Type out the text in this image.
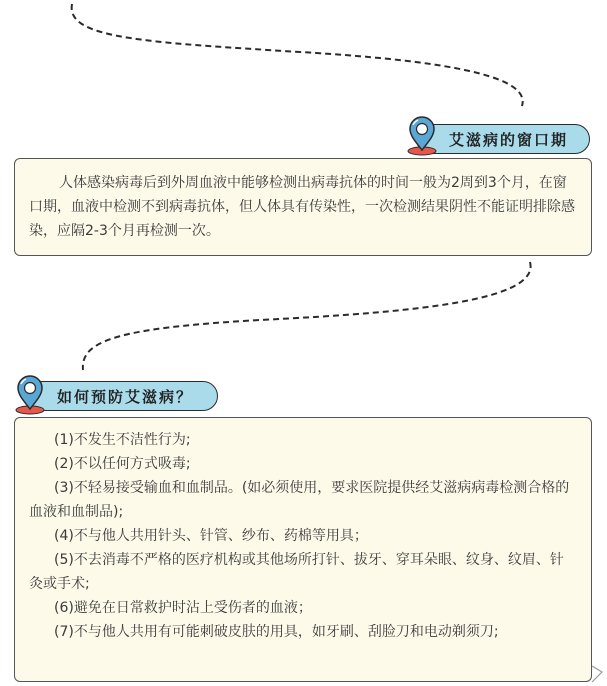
艾滋病的窗口期

人体感染病毒后到外周血液中能够检测出病毒抗体的时间一般为2周到3个月，在窗口期，血液中检测不到病毒抗体，但人体具有传染性，一次检测结果阴性不能证明排除感染，应隔2-3个月再检测一次。

如何预防艾滋病？

(1)不发生不洁性行为;

(2)不以任何方式吸毒;

(3)不轻易接受输血和血制品。(如必须使用，要求医院提供经艾滋病病毒检测合格的血液和血制品);

(4)不与他人共用针头、针管、纱布、药棉等用具；

(5)不去消毒不严格的医疗机构或其他场所打针、拔牙、穿耳朵眼、纹身、纹眉、针灸或手术;

(6)避免在日常救护时沾上受伤者的血液；

(7)不与他人共用有可能刺破皮肤的用具，如牙刷、刮脸刀和电动剃须刀;
